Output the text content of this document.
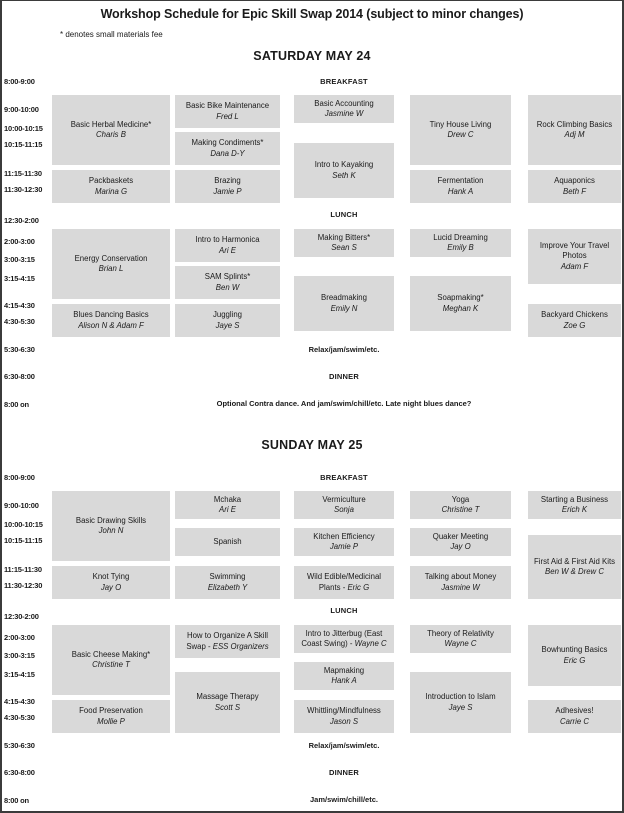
Workshop Schedule for Epic Skill Swap 2014 (subject to minor changes)
* denotes small materials fee
SATURDAY MAY 24
SUNDAY MAY 25
8:00-9:00
9:00-10:00
10:00-10:15
10:15-11:15
11:15-11:30
11:30-12:30
12:30-2:00
2:00-3:00
3:00-3:15
3:15-4:15
4:15-4:30
4:30-5:30
5:30-6:30
6:30-8:00
8:00 on
8:00-9:00
9:00-10:00
10:00-10:15
10:15-11:15
11:15-11:30
11:30-12:30
12:30-2:00
2:00-3:00
3:00-3:15
3:15-4:15
4:15-4:30
4:30-5:30
5:30-6:30
6:30-8:00
8:00 on
BREAKFAST
LUNCH
Relax/jam/swim/etc.
DINNER
Optional Contra dance. And jam/swim/chill/etc. Late night blues dance?
BREAKFAST
LUNCH
Relax/jam/swim/etc.
DINNER
Jam/swim/chill/etc.
Basic Herbal Medicine*
Charis B
Packbaskets
Marina G
Basic Bike Maintenance
Fred L
Making Condiments*
Dana D-Y
Brazing
Jamie P
Basic Accounting
Jasmine W
Intro to Kayaking
Seth K
Tiny House Living
Drew C
Fermentation
Hank A
Rock Climbing Basics
Adj M
Aquaponics
Beth F
Energy Conservation
Brian L
Blues Dancing Basics
Alison N & Adam F
Intro to Harmonica
Ari E
SAM Splints*
Ben W
Juggling
Jaye S
Making Bitters*
Sean S
Breadmaking
Emily N
Lucid Dreaming
Emily B
Soapmaking*
Meghan K
Improve Your Travel Photos
Adam F
Backyard Chickens
Zoe G
Basic Drawing Skills
John N
Knot Tying
Jay O
Mchaka
Ari E
Spanish
Swimming
Elizabeth Y
Vermiculture
Sonja
Kitchen Efficiency
Jamie P
Wild Edible/Medicinal Plants - Eric G
Yoga
Christine T
Quaker Meeting
Jay O
Talking about Money
Jasmine W
Starting a Business
Erich K
First Aid & First Aid Kits
Ben W & Drew C
Basic Cheese Making*
Christine T
Food Preservation
Mollie P
How to Organize A Skill Swap - ESS Organizers
Massage Therapy
Scott S
Intro to Jitterbug (East Coast Swing) - Wayne C
Mapmaking
Hank A
Whittling/Mindfulness
Jason S
Introduction to Islam
Jaye S
Theory of Relativity
Wayne C
Bowhunting Basics
Eric G
Adhesives!
Carrie C
